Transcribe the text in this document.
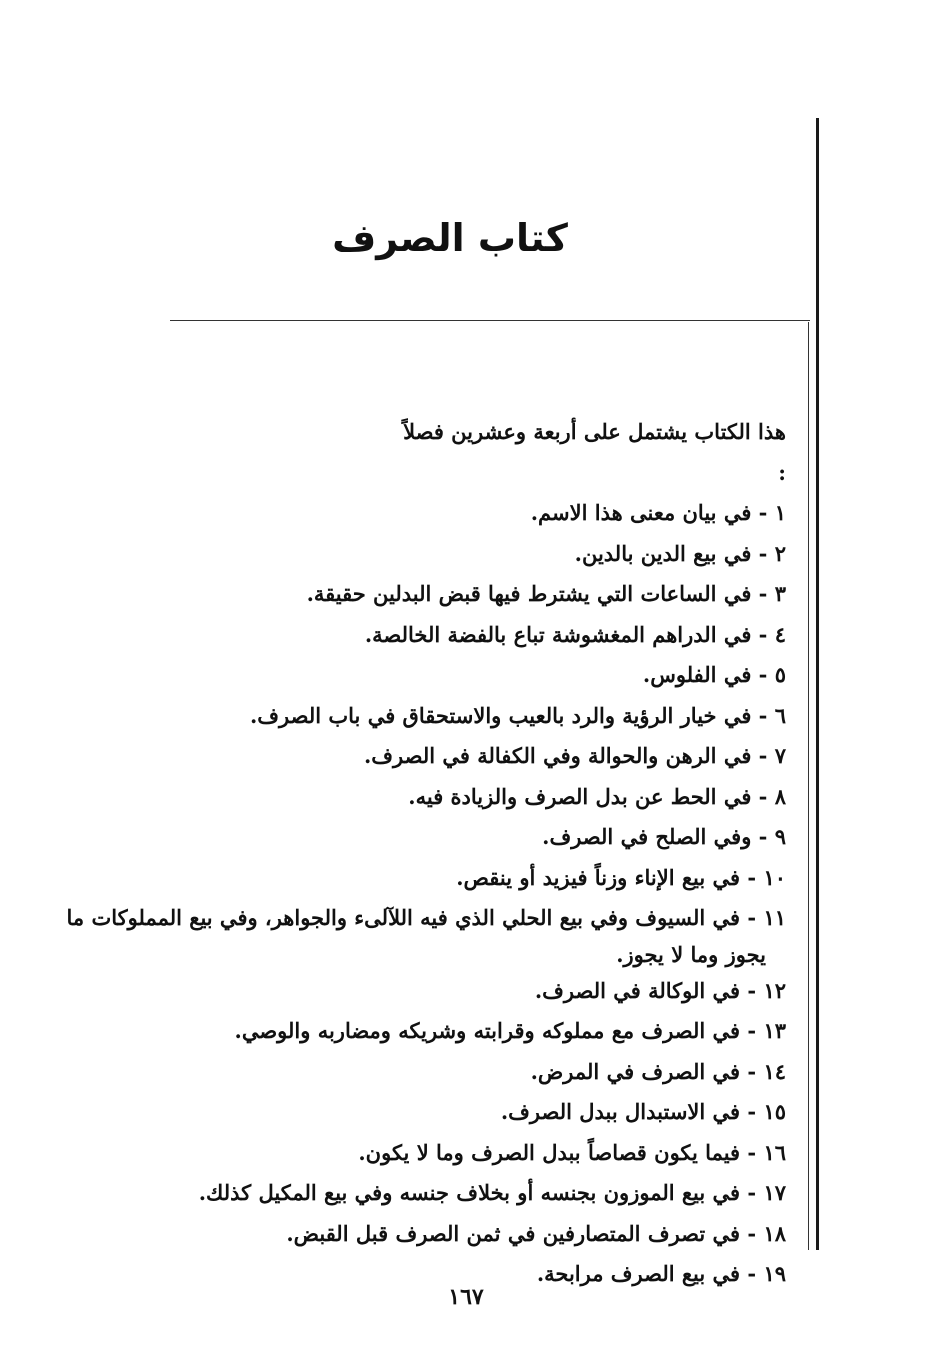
كتاب الصرف
هذا الكتاب يشتمل على أربعة وعشرين فصلاً
:
١ - في بيان معنى هذا الاسم.
٢ - في بيع الدين بالدين.
٣ - في الساعات التي يشترط فيها قبض البدلين حقيقة.
٤ - في الدراهم المغشوشة تباع بالفضة الخالصة.
٥ - في الفلوس.
٦ - في خيار الرؤية والرد بالعيب والاستحقاق في باب الصرف.
٧ - في الرهن والحوالة وفي الكفالة في الصرف.
٨ - في الحط عن بدل الصرف والزيادة فيه.
٩ - وفي الصلح في الصرف.
١٠ - في بيع الإناء وزناً فيزيد أو ينقص.
١١ - في السيوف وفي بيع الحلي الذي فيه اللآلىء والجواهر، وفي بيع المملوكات ما
يجوز وما لا يجوز.
١٢ - في الوكالة في الصرف.
١٣ - في الصرف مع مملوكه وقرابته وشريكه ومضاربه والوصي.
١٤ - في الصرف في المرض.
١٥ - في الاستبدال ببدل الصرف.
١٦ - فيما يكون قصاصاً ببدل الصرف وما لا يكون.
١٧ - في بيع الموزون بجنسه أو بخلاف جنسه وفي بيع المكيل كذلك.
١٨ - في تصرف المتصارفين في ثمن الصرف قبل القبض.
١٩ - في بيع الصرف مرابحة.
١٦٧
